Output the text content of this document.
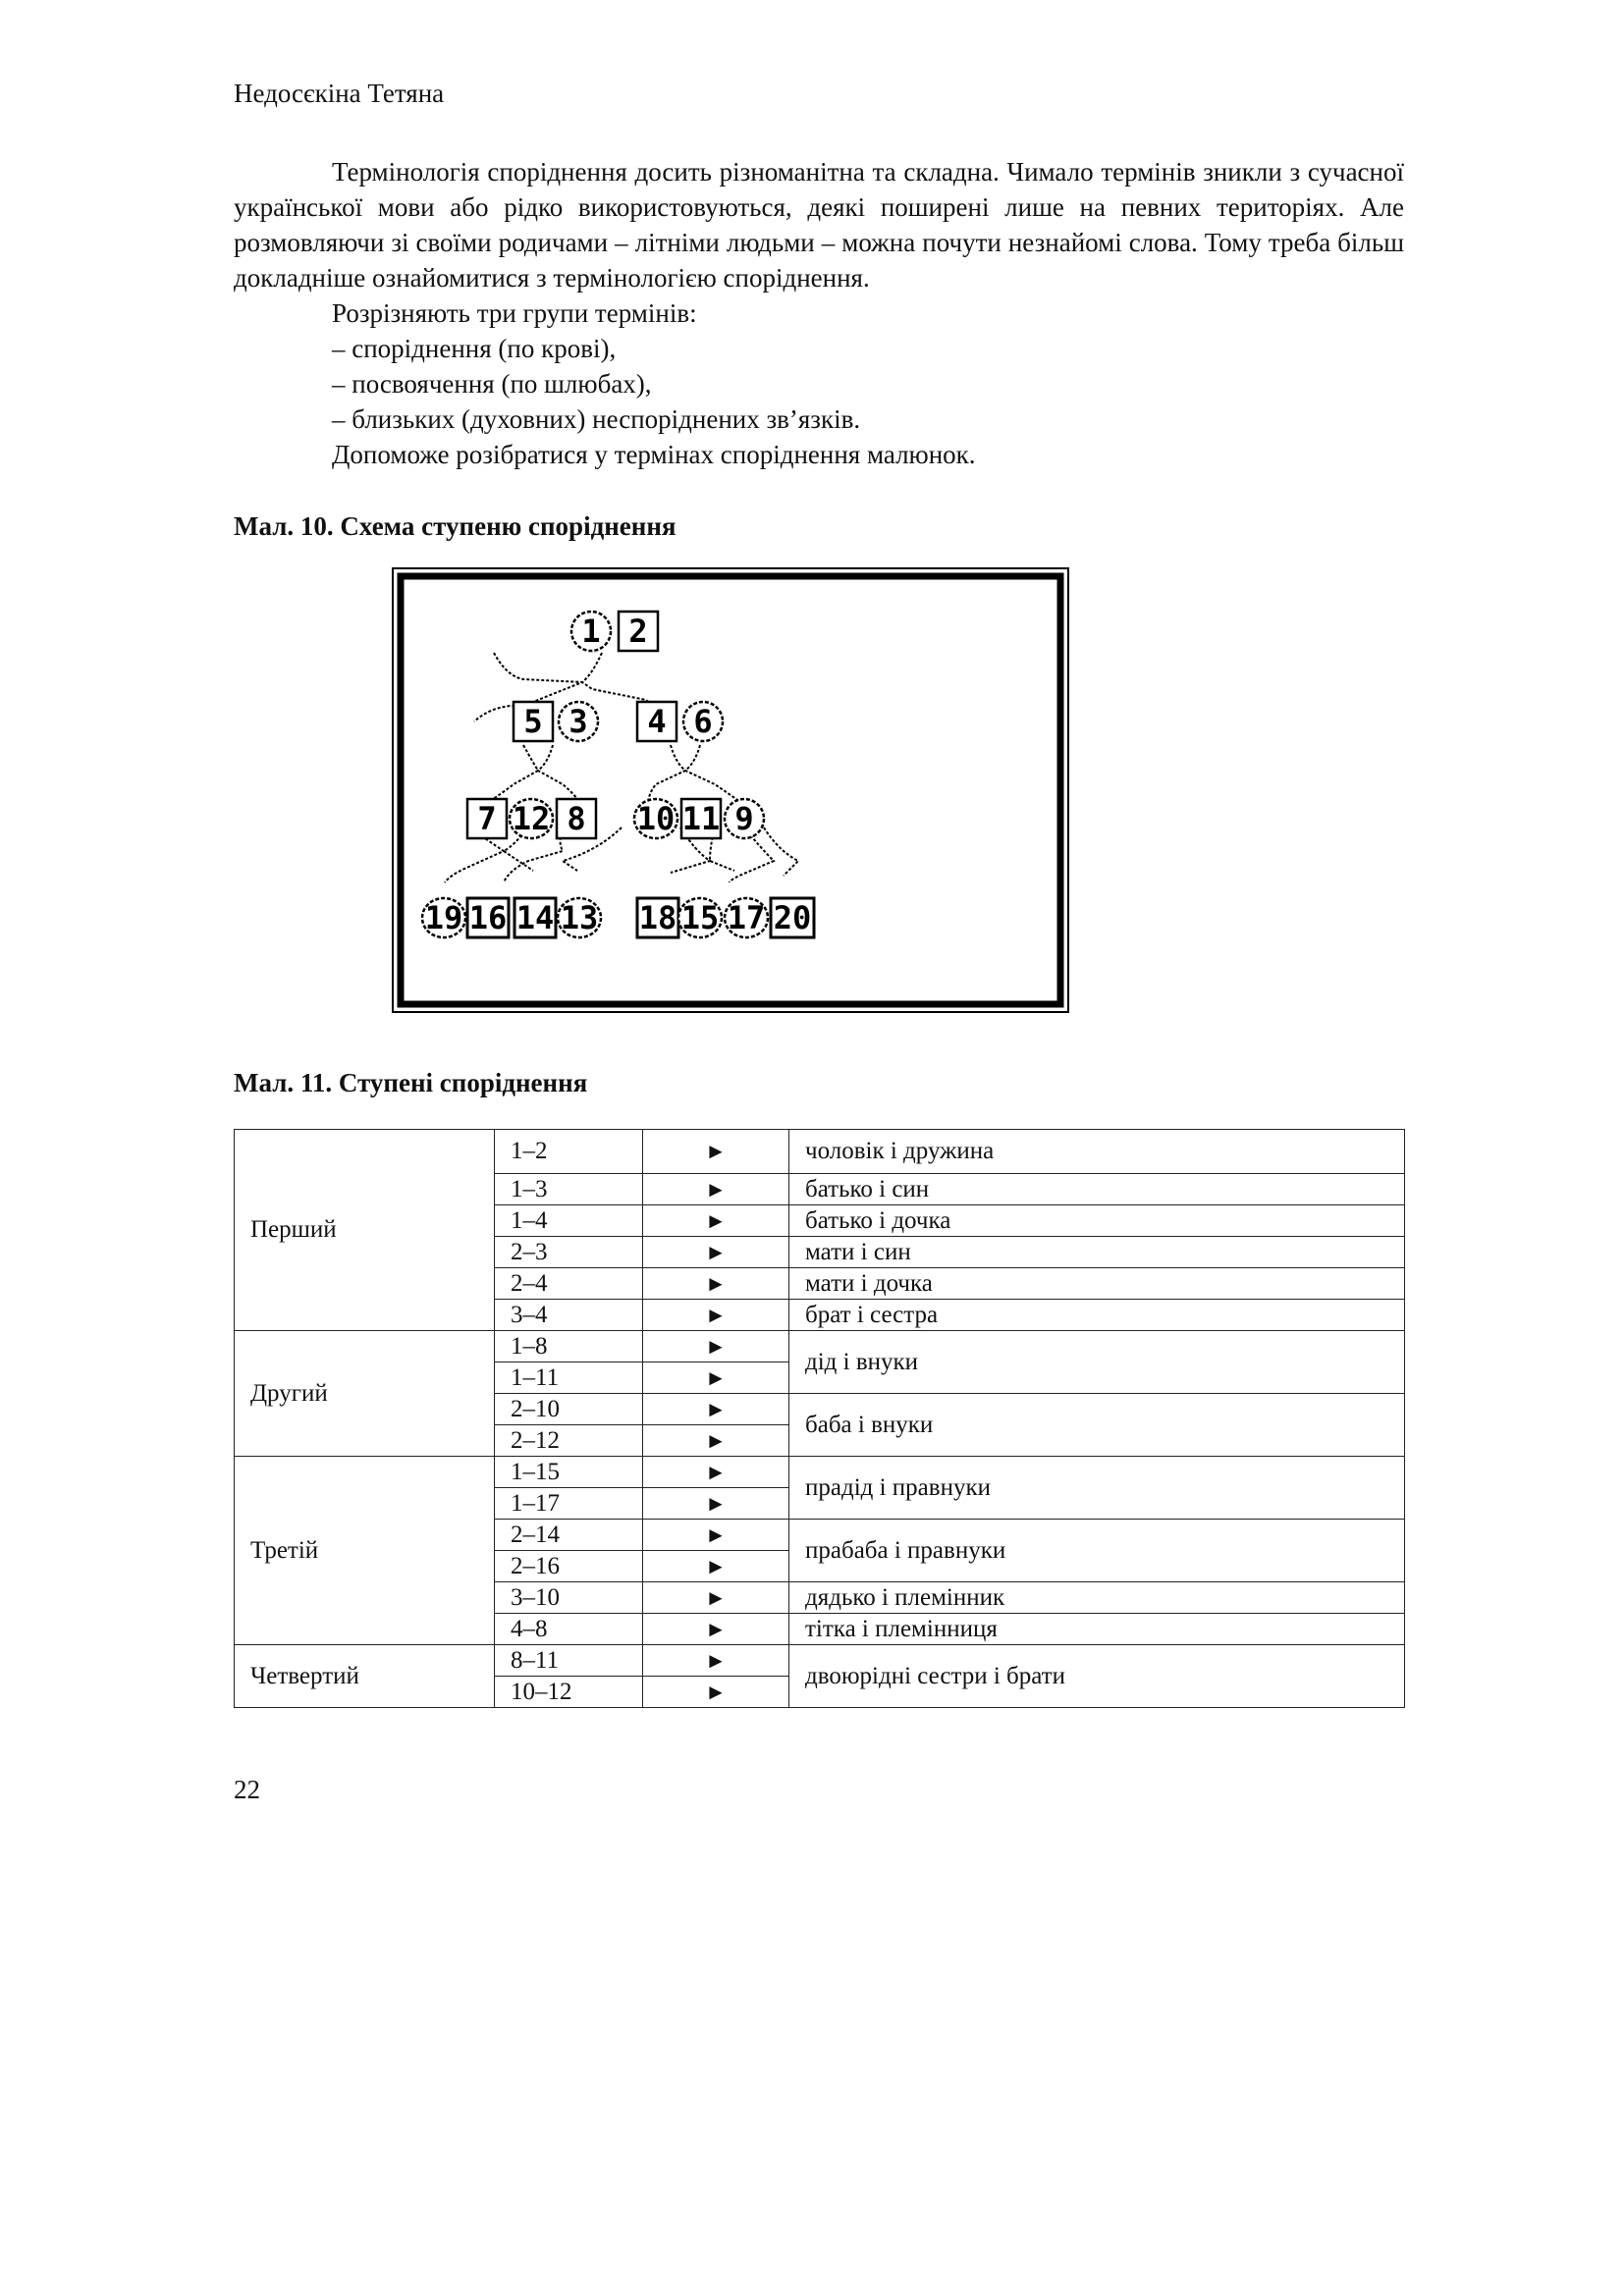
Недосєкіна Тетяна

Термінологія споріднення досить різноманітна та складна. Чимало термінів зникли з сучасної української мови або рідко використовуються, деякі поширені лише на певних територіях. Але розмовляючи зі своїми родичами – літніми людьми – можна почути незнайомі слова. Тому треба більш докладніше ознайомитися з термінологією споріднення.

Розрізняють три групи термінів:
– споріднення (по крові),
– посвоячення (по шлюбах),
– близьких (духовних) неспоріднених зв’язків.
Допоможе розібратися у термінах споріднення малюнок.
Мал. 10. Схема ступеню споріднення
1 2
5 3 4 6
7 12 8 10 11 9
19 16 14 13 18 15 17 20
Мал. 11. Ступені споріднення
Перший	1–2	►	чоловік і дружина
	1–3	►	батько і син
	1–4	►	батько і дочка
	2–3	►	мати і син
	2–4	►	мати і дочка
	3–4	►	брат і сестра
Другий	1–8	►	дід і внуки
	1–11	►	
	2–10	►	баба і внуки
	2–12	►	
Третій	1–15	►	прадід і правнуки
	1–17	►	
	2–14	►	прабаба і правнуки
	2–16	►	
	3–10	►	дядько і племінник
	4–8	►	тітка і племінниця
Четвертий	8–11	►	двоюрідні сестри і брати
	10–12	►	
22
